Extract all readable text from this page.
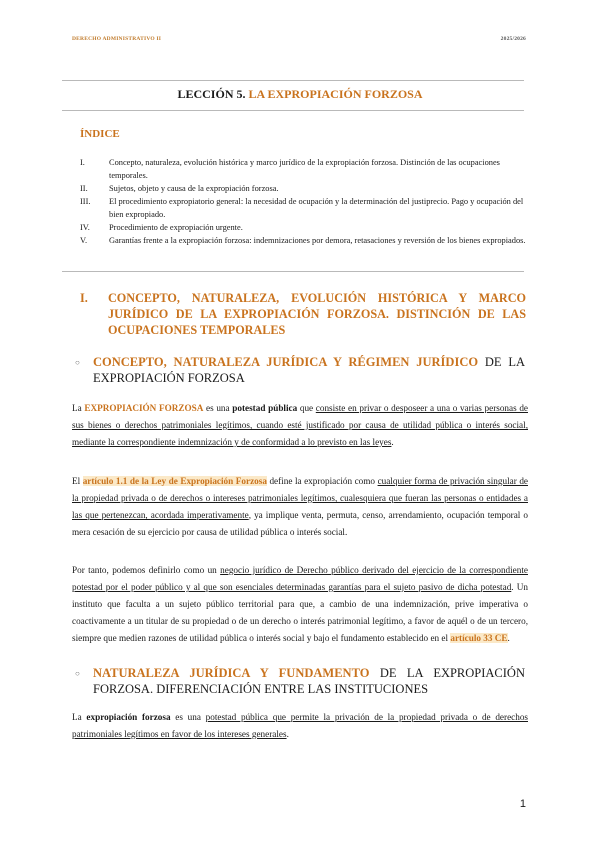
DERECHO ADMINISTRATIVO II	2025/2026
LECCIÓN 5. LA EXPROPIACIÓN FORZOSA
ÍNDICE
I.	Concepto, naturaleza, evolución histórica y marco jurídico de la expropiación forzosa. Distinción de las ocupaciones temporales.
II.	Sujetos, objeto y causa de la expropiación forzosa.
III.	El procedimiento expropiatorio general: la necesidad de ocupación y la determinación del justiprecio. Pago y ocupación del bien expropiado.
IV.	Procedimiento de expropiación urgente.
V.	Garantías frente a la expropiación forzosa: indemnizaciones por demora, retasaciones y reversión de los bienes expropiados.
I.	CONCEPTO, NATURALEZA, EVOLUCIÓN HISTÓRICA Y MARCO JURÍDICO DE LA EXPROPIACIÓN FORZOSA. DISTINCIÓN DE LAS OCUPACIONES TEMPORALES
○	CONCEPTO, NATURALEZA JURÍDICA Y RÉGIMEN JURÍDICO DE LA EXPROPIACIÓN FORZOSA
La EXPROPIACIÓN FORZOSA es una potestad pública que consiste en privar o desposeer a una o varias personas de sus bienes o derechos patrimoniales legítimos, cuando esté justificado por causa de utilidad pública o interés social, mediante la correspondiente indemnización y de conformidad a lo previsto en las leyes.
El artículo 1.1 de la Ley de Expropiación Forzosa define la expropiación como cualquier forma de privación singular de la propiedad privada o de derechos o intereses patrimoniales legítimos, cualesquiera que fueran las personas o entidades a las que pertenezcan, acordada imperativamente, ya implique venta, permuta, censo, arrendamiento, ocupación temporal o mera cesación de su ejercicio por causa de utilidad pública o interés social.
Por tanto, podemos definirlo como un negocio jurídico de Derecho público derivado del ejercicio de la correspondiente potestad por el poder público y al que son esenciales determinadas garantías para el sujeto pasivo de dicha potestad. Un instituto que faculta a un sujeto público territorial para que, a cambio de una indemnización, prive imperativa o coactivamente a un titular de su propiedad o de un derecho o interés patrimonial legítimo, a favor de aquél o de un tercero, siempre que medien razones de utilidad pública o interés social y bajo el fundamento establecido en el artículo 33 CE.
○	NATURALEZA JURÍDICA Y FUNDAMENTO DE LA EXPROPIACIÓN FORZOSA. DIFERENCIACIÓN ENTRE LAS INSTITUCIONES
La expropiación forzosa es una potestad pública que permite la privación de la propiedad privada o de derechos patrimoniales legítimos en favor de los intereses generales.
1
